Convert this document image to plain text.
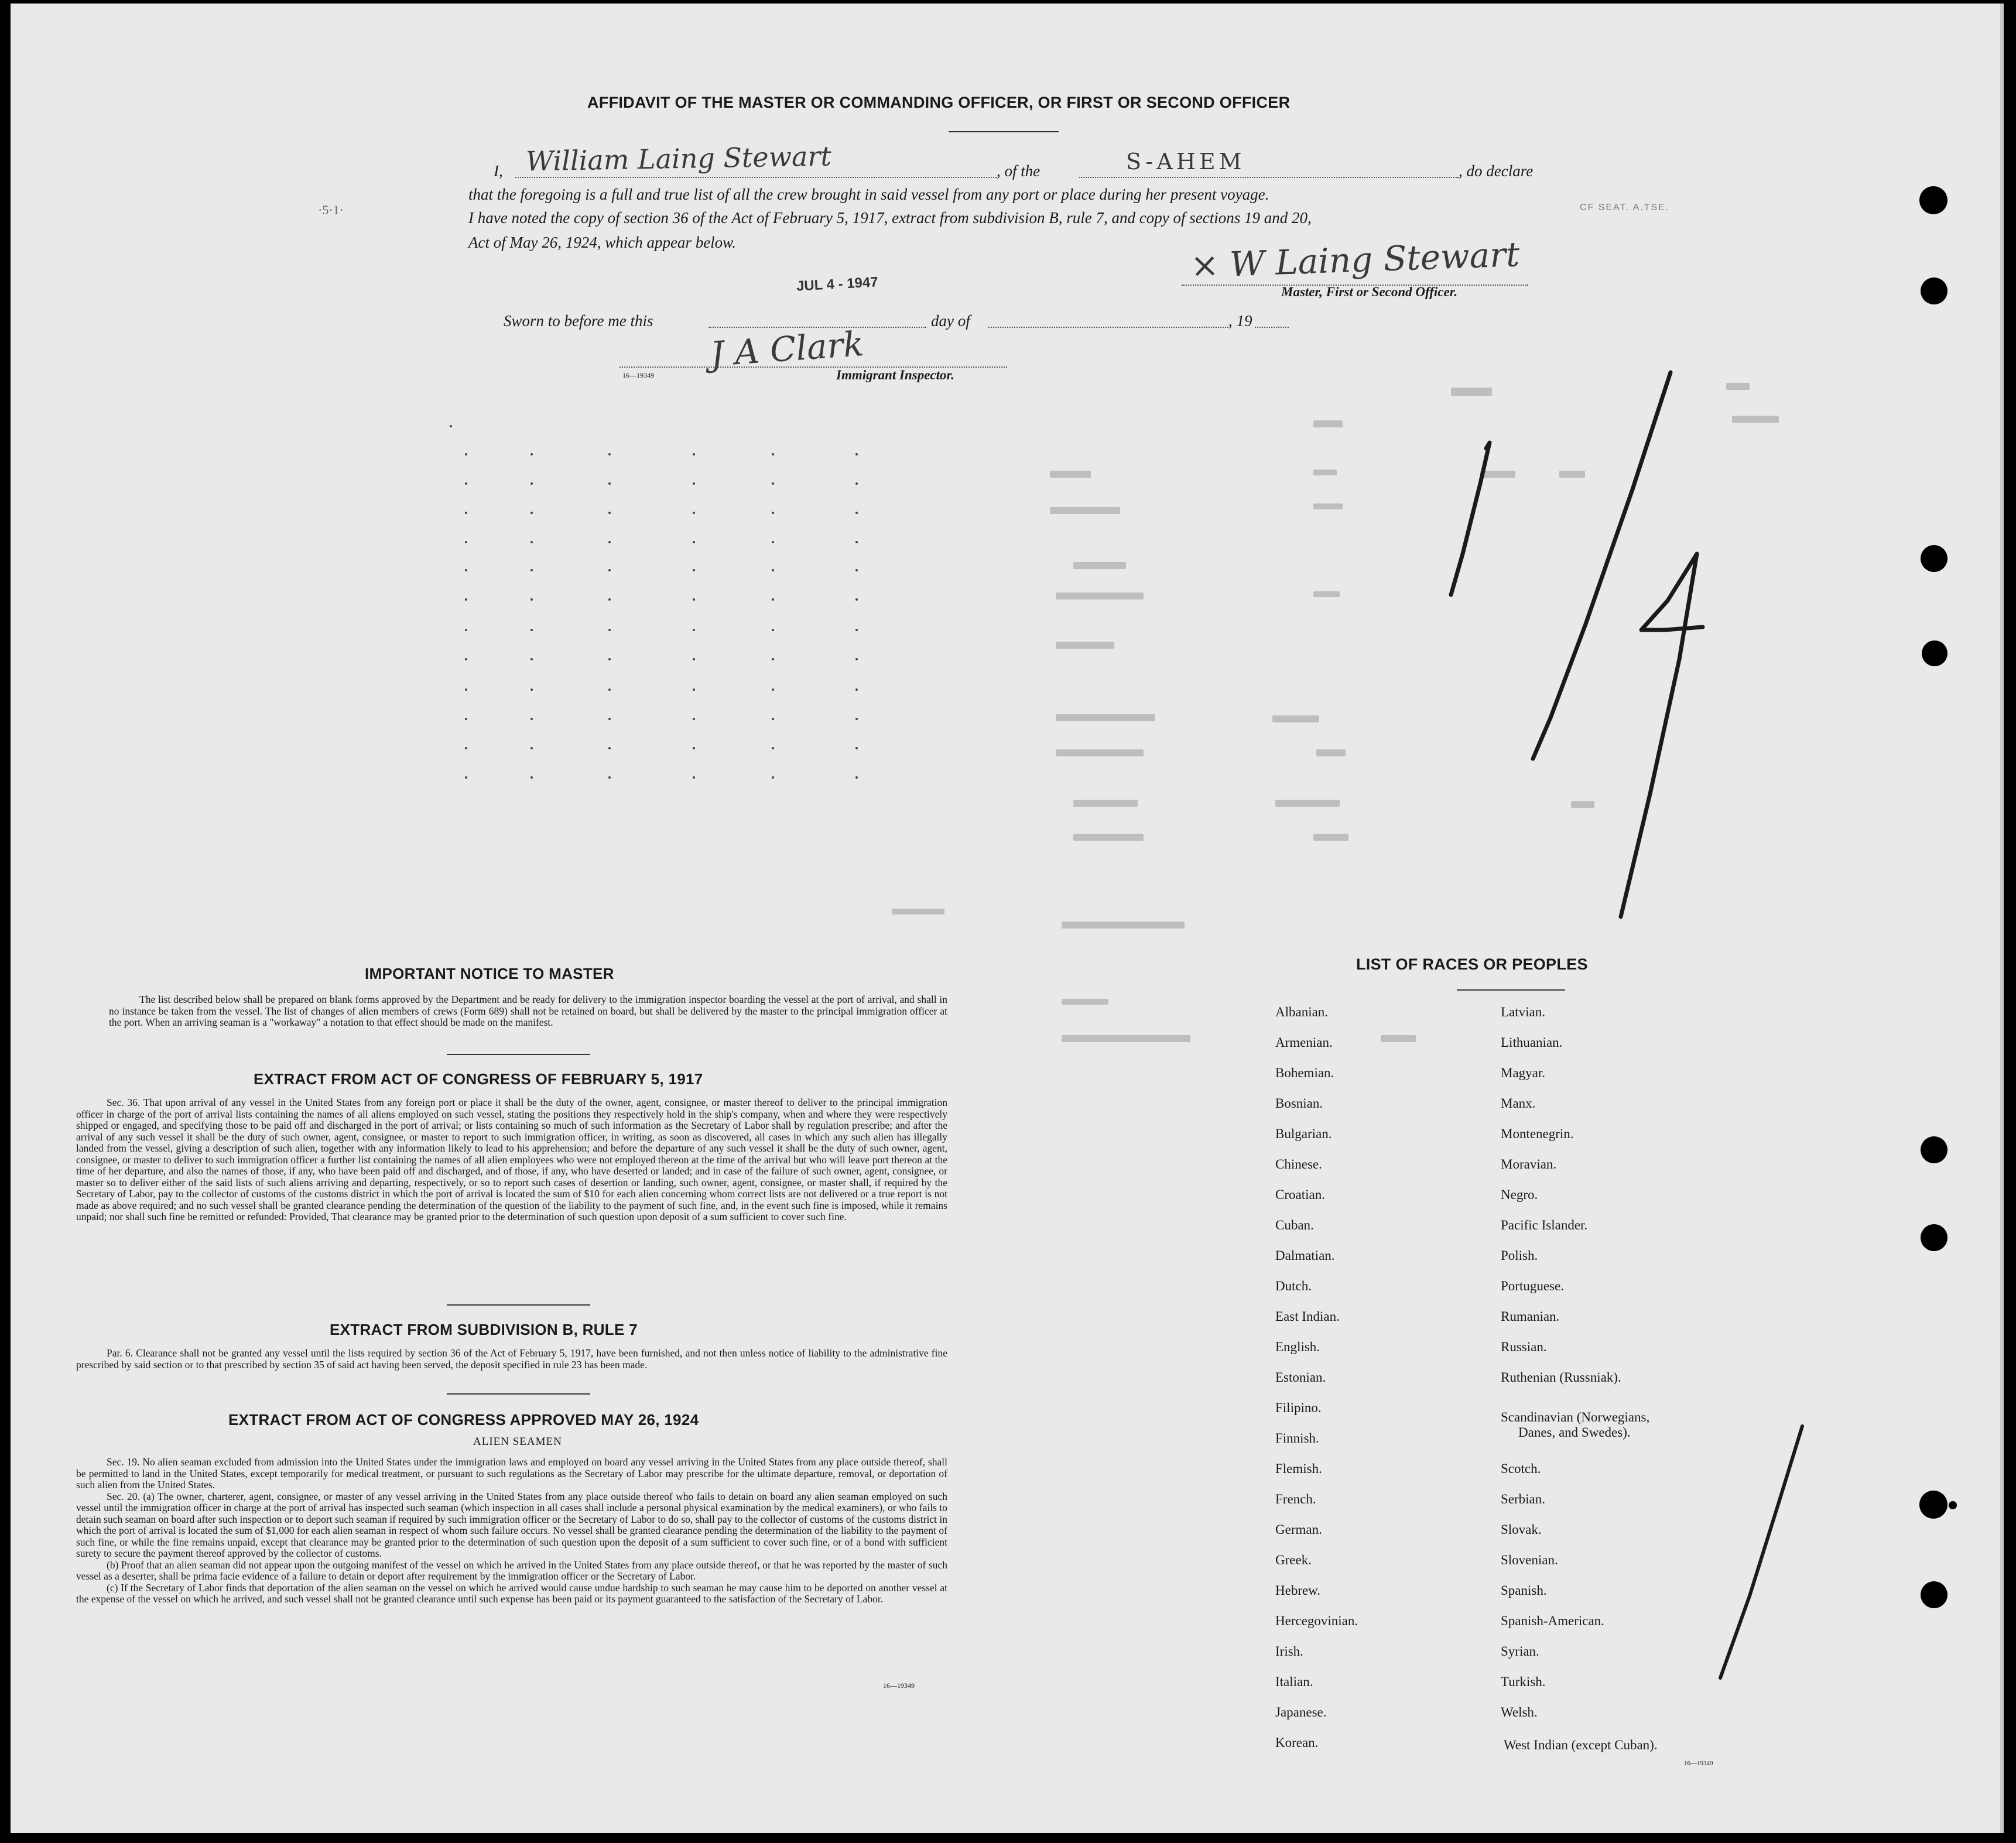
AFFIDAVIT OF THE MASTER OR COMMANDING OFFICER, OR FIRST OR SECOND OFFICER
I, William Laing Stewart	, of the	S-AHEM	, do declare
that the foregoing is a full and true list of all the crew brought in said vessel from any port or place during her present voyage.
I have noted the copy of section 36 of the Act of February 5, 1917, extract from subdivision B, rule 7, and copy of sections 19 and 20,
Act of May 26, 1924, which appear below.
JUL 4 - 1947	× W Laing Stewart
Master, First or Second Officer.
Sworn to before me this	day of	, 19
J A Clark
16—19349	Immigrant Inspector.
·5·1·	CF SEAT. A.TSE.
IMPORTANT NOTICE TO MASTER

The list described below shall be prepared on blank forms approved by the Department and be ready for delivery to the immigration inspector boarding the vessel at the port of arrival, and shall in no instance be taken from the vessel. The list of changes of alien members of crews (Form 689) shall not be retained on board, but shall be delivered by the master to the principal immigration officer at the port. When an arriving seaman is a "workaway" a notation to that effect should be made on the manifest.

EXTRACT FROM ACT OF CONGRESS OF FEBRUARY 5, 1917

Sec. 36. That upon arrival of any vessel in the United States from any foreign port or place it shall be the duty of the owner, agent, consignee, or master thereof to deliver to the principal immigration officer in charge of the port of arrival lists containing the names of all aliens employed on such vessel, stating the positions they respectively hold in the ship's company, when and where they were respectively shipped or engaged, and specifying those to be paid off and discharged in the port of arrival; or lists containing so much of such information as the Secretary of Labor shall by regulation prescribe; and after the arrival of any such vessel it shall be the duty of such owner, agent, consignee, or master to report to such immigration officer, in writing, as soon as discovered, all cases in which any such alien has illegally landed from the vessel, giving a description of such alien, together with any information likely to lead to his apprehension; and before the departure of any such vessel it shall be the duty of such owner, agent, consignee, or master to deliver to such immigration officer a further list containing the names of all alien employees who were not employed thereon at the time of the arrival but who will leave port thereon at the time of her departure, and also the names of those, if any, who have been paid off and discharged, and of those, if any, who have deserted or landed; and in case of the failure of such owner, agent, consignee, or master so to deliver either of the said lists of such aliens arriving and departing, respectively, or so to report such cases of desertion or landing, such owner, agent, consignee, or master shall, if required by the Secretary of Labor, pay to the collector of customs of the customs district in which the port of arrival is located the sum of $10 for each alien concerning whom correct lists are not delivered or a true report is not made as above required; and no such vessel shall be granted clearance pending the determination of the question of the liability to the payment of such fine, and, in the event such fine is imposed, while it remains unpaid; nor shall such fine be remitted or refunded: Provided, That clearance may be granted prior to the determination of such question upon deposit of a sum sufficient to cover such fine.

EXTRACT FROM SUBDIVISION B, RULE 7

Par. 6. Clearance shall not be granted any vessel until the lists required by section 36 of the Act of February 5, 1917, have been furnished, and not then unless notice of liability to the administrative fine prescribed by said section or to that prescribed by section 35 of said act having been served, the deposit specified in rule 23 has been made.

EXTRACT FROM ACT OF CONGRESS APPROVED MAY 26, 1924
ALIEN SEAMEN

Sec. 19. No alien seaman excluded from admission into the United States under the immigration laws and employed on board any vessel arriving in the United States from any place outside thereof, shall be permitted to land in the United States, except temporarily for medical treatment, or pursuant to such regulations as the Secretary of Labor may prescribe for the ultimate departure, removal, or deportation of such alien from the United States.

Sec. 20. (a) The owner, charterer, agent, consignee, or master of any vessel arriving in the United States from any place outside thereof who fails to detain on board any alien seaman employed on such vessel until the immigration officer in charge at the port of arrival has inspected such seaman (which inspection in all cases shall include a personal physical examination by the medical examiners), or who fails to detain such seaman on board after such inspection or to deport such seaman if required by such immigration officer or the Secretary of Labor to do so, shall pay to the collector of customs of the customs district in which the port of arrival is located the sum of $1,000 for each alien seaman in respect of whom such failure occurs. No vessel shall be granted clearance pending the determination of the liability to the payment of such fine, or while the fine remains unpaid, except that clearance may be granted prior to the determination of such question upon the deposit of a sum sufficient to cover such fine, or of a bond with sufficient surety to secure the payment thereof approved by the collector of customs.

(b) Proof that an alien seaman did not appear upon the outgoing manifest of the vessel on which he arrived in the United States from any place outside thereof, or that he was reported by the master of such vessel as a deserter, shall be prima facie evidence of a failure to detain or deport after requirement by the immigration officer or the Secretary of Labor.

(c) If the Secretary of Labor finds that deportation of the alien seaman on the vessel on which he arrived would cause undue hardship to such seaman he may cause him to be deported on another vessel at the expense of the vessel on which he arrived, and such vessel shall not be granted clearance until such expense has been paid or its payment guaranteed to the satisfaction of the Secretary of Labor.

16—19349
LIST OF RACES OR PEOPLES
Albanian.
Armenian.
Bohemian.
Bosnian.
Bulgarian.
Chinese.
Croatian.
Cuban.
Dalmatian.
Dutch.
East Indian.
English.
Estonian.
Filipino.
Finnish.
Flemish.
French.
German.
Greek.
Hebrew.
Hercegovinian.
Irish.
Italian.
Japanese.
Korean.
Latvian.
Lithuanian.
Magyar.
Manx.
Montenegrin.
Moravian.
Negro.
Pacific Islander.
Polish.
Portuguese.
Rumanian.
Russian.
Ruthenian (Russniak).
Scandinavian (Norwegians,
Danes, and Swedes).
Scotch.
Serbian.
Slovak.
Slovenian.
Spanish.
Spanish-American.
Syrian.
Turkish.
Welsh.
West Indian (except Cuban).
16—19349
